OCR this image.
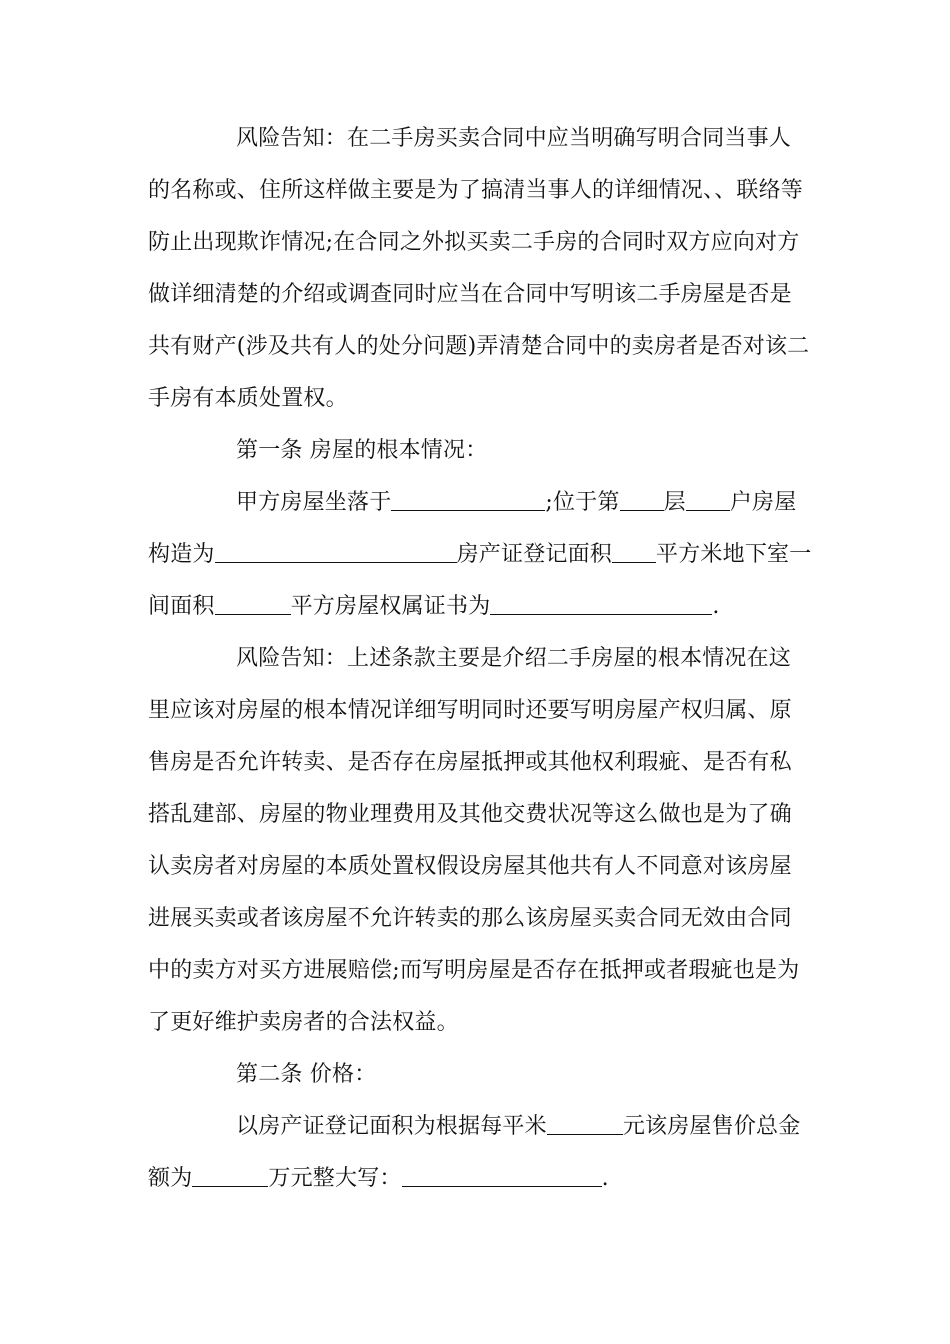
风险告知：在二手房买卖合同中应当明确写明合同当事人的名称或、住所这样做主要是为了搞清当事人的详细情况、、联络等防止出现欺诈情况;在合同之外拟买卖二手房的合同时双方应向对方做详细清楚的介绍或调查同时应当在合同中写明该二手房屋是否是共有财产(涉及共有人的处分问题)弄清楚合同中的卖房者是否对该二手房有本质处置权。

第一条 房屋的根本情况：

甲方房屋坐落于	;位于第 层 户房屋构造为	房产证登记面积 平方米地下室一间面积	平方房屋权属证书为	.

风险告知：上述条款主要是介绍二手房屋的根本情况在这里应该对房屋的根本情况详细写明同时还要写明房屋产权归属、原售房是否允许转卖、是否存在房屋抵押或其他权利瑕疵、是否有私搭乱建部、房屋的物业理费用及其他交费状况等这么做也是为了确认卖房者对房屋的本质处置权假设房屋其他共有人不同意对该房屋进展买卖或者该房屋不允许转卖的那么该房屋买卖合同无效由合同中的卖方对买方进展赔偿;而写明房屋是否存在抵押或者瑕疵也是为了更好维护卖房者的合法权益。

第二条 价格：

以房产证登记面积为根据每平米	元该房屋售价总金额为	万元整大写：	.
